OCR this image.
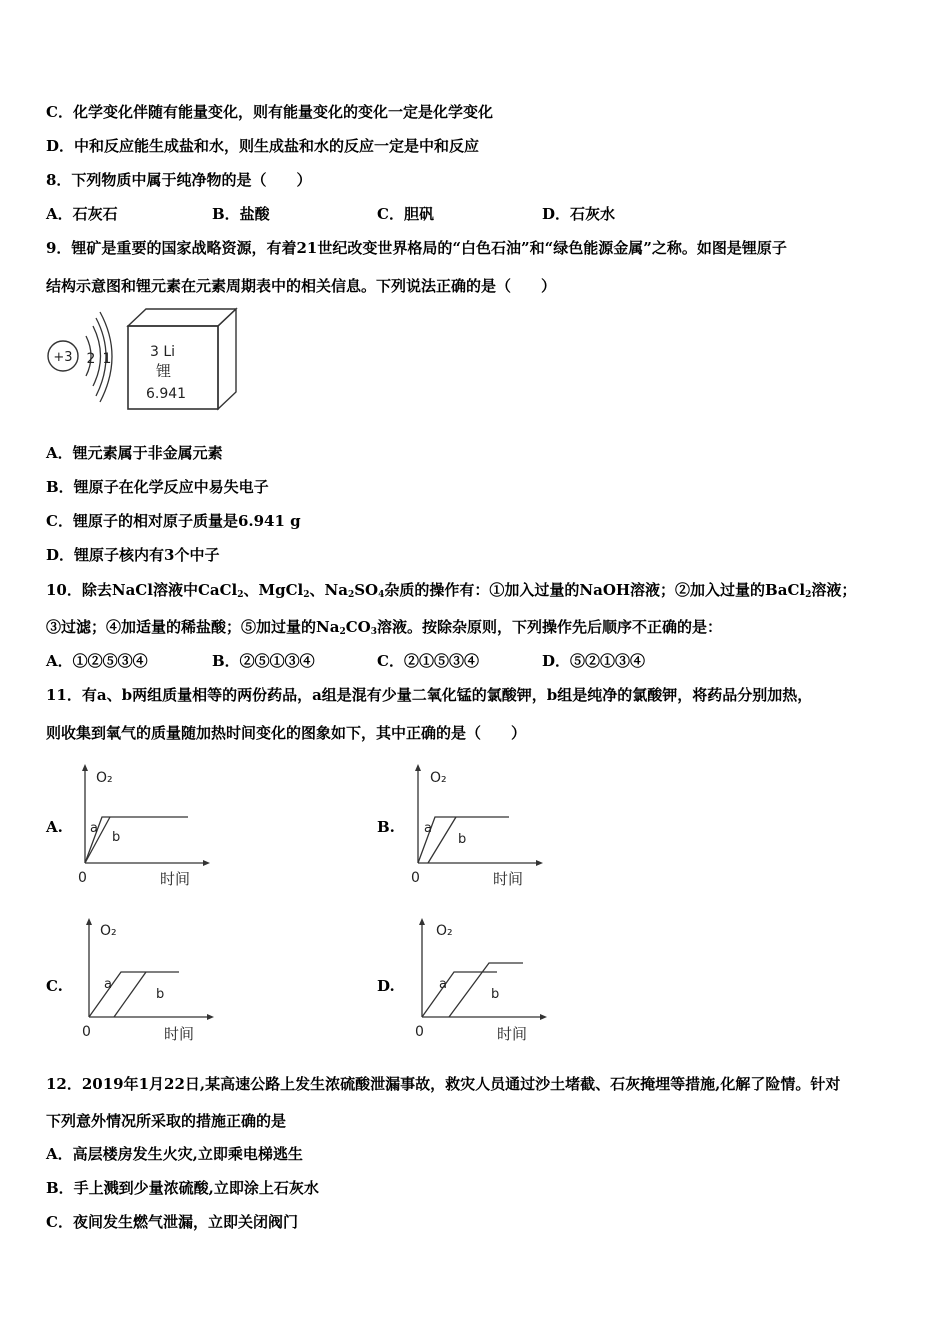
C．化学变化伴随有能量变化，则有能量变化的变化一定是化学变化
D．中和反应能生成盐和水，则生成盐和水的反应一定是中和反应
8．下列物质中属于纯净物的是（　　）
A．石灰石	B．盐酸	C．胆矾	D．石灰水
9．锂矿是重要的国家战略资源，有着21世纪改变世界格局的“白色石油”和“绿色能源金属”之称。如图是锂原子
结构示意图和锂元素在元素周期表中的相关信息。下列说法正确的是（　　）
+3 2 1	3 Li
锂
6.941
A．锂元素属于非金属元素
B．锂原子在化学反应中易失电子
C．锂原子的相对原子质量是6.941 g
D．锂原子核内有3个中子
10．除去NaCl溶液中CaCl$_2$、MgCl$_2$、$Na_2SO_4$杂质的操作有：①加入过量的NaOH溶液；②加入过量的BaCl$_2$溶液；
③过滤；④加适量的稀盐酸；⑤加过量的$Na_2CO_3$溶液。按除杂原则，下列操作先后顺序不正确的是：
A．①②⑤③④	B．②⑤①③④	C．②①⑤③④	D．⑤②①③④
11．有a、b两组质量相等的两份药品，a组是混有少量二氧化锰的氯酸钾，b组是纯净的氯酸钾，将药品分别加热，
则收集到氧气的质量随加热时间变化的图象如下，其中正确的是（　　）
A.
O₂
0	时间
a
b
B.
O₂
0	时间
a
b
C.
O₂
0	时间
a
b	D.
O₂
0	时间
a
b
12．2019年1月22日,某高速公路上发生浓硫酸泄漏事故，救灾人员通过沙土堵截、石灰掩埋等措施,化解了险情。针对
下列意外情况所采取的措施正确的是
A．高层楼房发生火灾,立即乘电梯逃生
B．手上溅到少量浓硫酸,立即涂上石灰水
C．夜间发生燃气泄漏，立即关闭阀门
